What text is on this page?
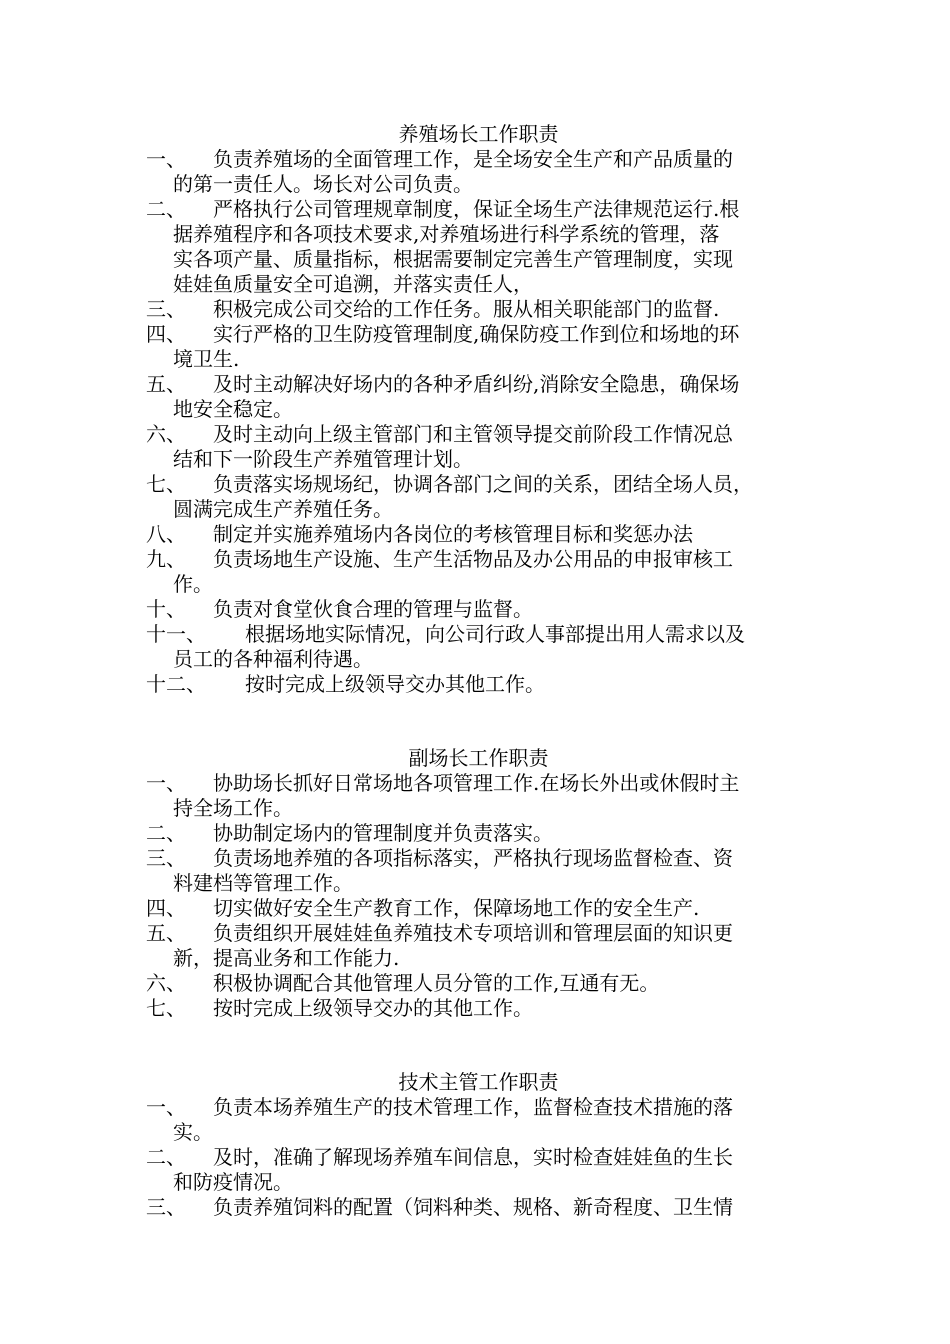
养殖场长工作职责
一、	负责养殖场的全面管理工作，是全场安全生产和产品质量的
的第一责任人。场长对公司负责。
二、	严格执行公司管理规章制度，保证全场生产法律规范运行.根
据养殖程序和各项技术要求,对养殖场进行科学系统的管理，落
实各项产量、质量指标，根据需要制定完善生产管理制度，实现
娃娃鱼质量安全可追溯，并落实责任人，
三、	积极完成公司交给的工作任务。服从相关职能部门的监督.
四、	实行严格的卫生防疫管理制度,确保防疫工作到位和场地的环
境卫生.
五、	及时主动解决好场内的各种矛盾纠纷,消除安全隐患，确保场
地安全稳定。
六、	及时主动向上级主管部门和主管领导提交前阶段工作情况总
结和下一阶段生产养殖管理计划。
七、	负责落实场规场纪，协调各部门之间的关系，团结全场人员，
圆满完成生产养殖任务。
八、	制定并实施养殖场内各岗位的考核管理目标和奖惩办法
九、	负责场地生产设施、生产生活物品及办公用品的申报审核工
作。
十、	负责对食堂伙食合理的管理与监督。
十一、	根据场地实际情况，向公司行政人事部提出用人需求以及
员工的各种福利待遇。
十二、	按时完成上级领导交办其他工作。
副场长工作职责
一、	协助场长抓好日常场地各项管理工作.在场长外出或休假时主
持全场工作。
二、	协助制定场内的管理制度并负责落实。
三、	负责场地养殖的各项指标落实，严格执行现场监督检查、资
料建档等管理工作。
四、	切实做好安全生产教育工作，保障场地工作的安全生产.
五、	负责组织开展娃娃鱼养殖技术专项培训和管理层面的知识更
新，提高业务和工作能力.
六、	积极协调配合其他管理人员分管的工作,互通有无。
七、	按时完成上级领导交办的其他工作。
技术主管工作职责
一、	负责本场养殖生产的技术管理工作，监督检查技术措施的落
实。
二、	及时，准确了解现场养殖车间信息，实时检查娃娃鱼的生长
和防疫情况。
三、	负责养殖饲料的配置（饲料种类、规格、新奇程度、卫生情
